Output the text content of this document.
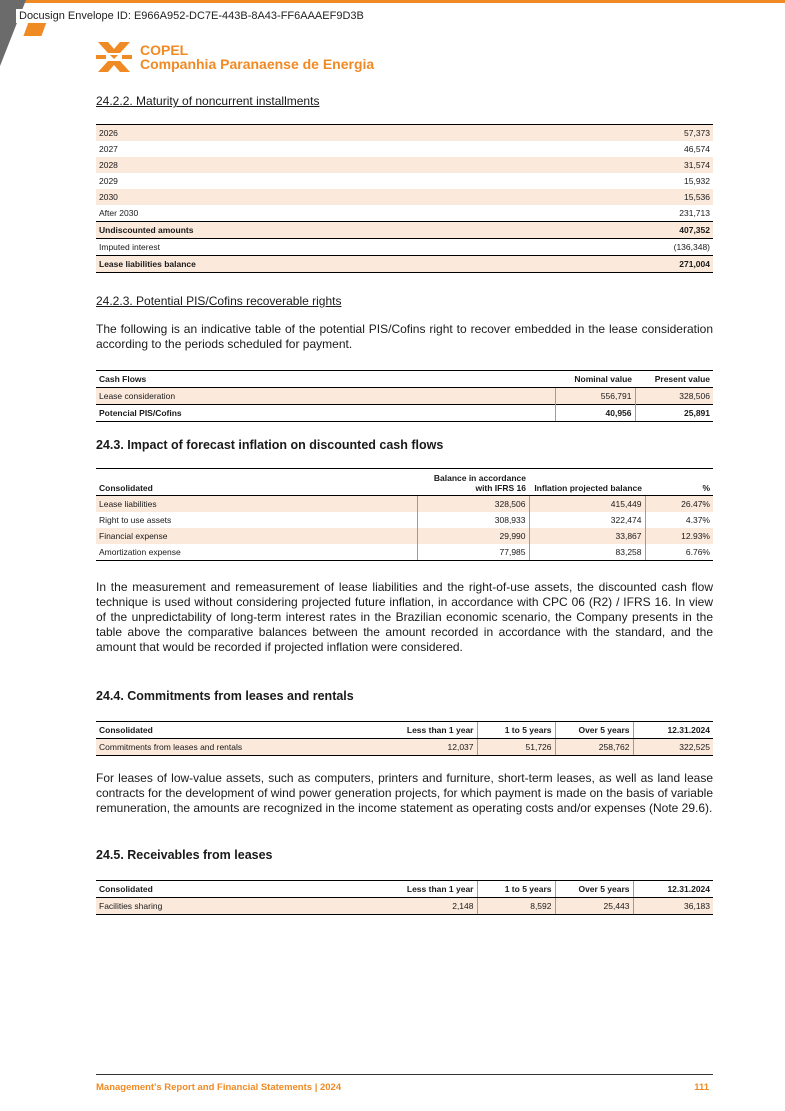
Docusign Envelope ID: E966A952-DC7E-443B-8A43-FF6AAAEF9D3B
COPEL
Companhia Paranaense de Energia
24.2.2. Maturity of noncurrent installments
2026	57,373
2027	46,574
2028	31,574
2029	15,932
2030	15,536
After 2030	231,713
Undiscounted amounts	407,352
Imputed interest	(136,348)
Lease liabilities balance	271,004
24.2.3. Potential PIS/Cofins recoverable rights
The following is an indicative table of the potential PIS/Cofins right to recover embedded in the lease consideration according to the periods scheduled for payment.
Cash Flows	Nominal value	Present value
Lease consideration	556,791	328,506
Potencial PIS/Cofins	40,956	25,891
24.3. Impact of forecast inflation on discounted cash flows
Consolidated	Balance in accordance with IFRS 16	Inflation projected balance	%
Lease liabilities	328,506	415,449	26.47%
Right to use assets	308,933	322,474	4.37%
Financial expense	29,990	33,867	12.93%
Amortization expense	77,985	83,258	6.76%
In the measurement and remeasurement of lease liabilities and the right-of-use assets, the discounted cash flow technique is used without considering projected future inflation, in accordance with CPC 06 (R2) / IFRS 16. In view of the unpredictability of long-term interest rates in the Brazilian economic scenario, the Company presents in the table above the comparative balances between the amount recorded in accordance with the standard, and the amount that would be recorded if projected inflation were considered.
24.4. Commitments from leases and rentals
Consolidated	Less than 1 year	1 to 5 years	Over 5 years	12.31.2024
Commitments from leases and rentals	12,037	51,726	258,762	322,525
For leases of low-value assets, such as computers, printers and furniture, short-term leases, as well as land lease contracts for the development of wind power generation projects, for which payment is made on the basis of variable remuneration, the amounts are recognized in the income statement as operating costs and/or expenses (Note 29.6).
24.5. Receivables from leases
Consolidated	Less than 1 year	1 to 5 years	Over 5 years	12.31.2024
Facilities sharing	2,148	8,592	25,443	36,183
Management's Report and Financial Statements | 2024	111
